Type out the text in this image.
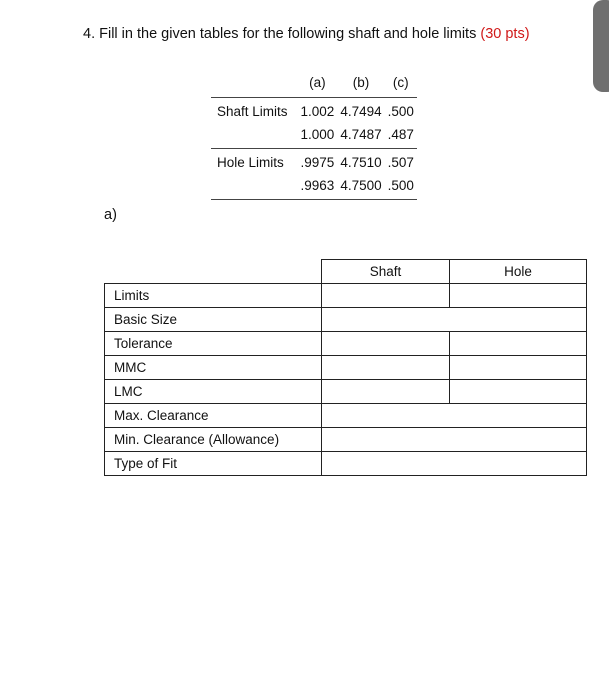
4. Fill in the given tables for the following shaft and hole limits (30 pts)
	(a)	(b)	(c)
Shaft Limits	1.002	4.7494	.500
	1.000	4.7487	.487
Hole Limits	.9975	4.7510	.507
	.9963	4.7500	.500
a)
	Shaft	Hole
Limits		
Basic Size		
Tolerance		
MMC		
LMC		
Max. Clearance		
Min. Clearance (Allowance)		
Type of Fit		
